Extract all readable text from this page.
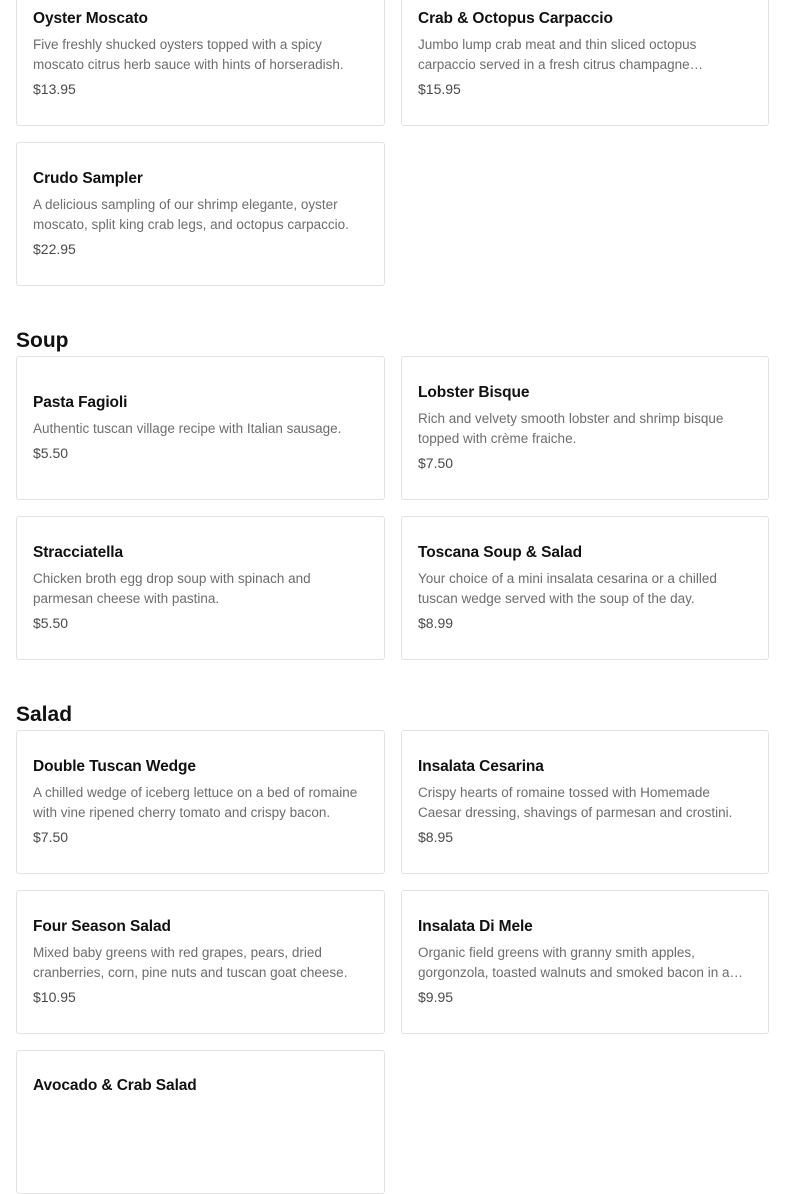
Oyster Moscato
Five freshly shucked oysters topped with a spicy moscato citrus herb sauce with hints of horseradish.
$13.95
Crab & Octopus Carpaccio
Jumbo lump crab meat and thin sliced octopus carpaccio served in a fresh citrus champagne
$15.95
Crudo Sampler
A delicious sampling of our shrimp elegante, oyster moscato, split king crab legs, and octopus carpaccio.
$22.95
Soup
Pasta Fagioli
Authentic tuscan village recipe with Italian sausage.
$5.50
Lobster Bisque
Rich and velvety smooth lobster and shrimp bisque topped with crème fraiche.
$7.50
Stracciatella
Chicken broth egg drop soup with spinach and parmesan cheese with pastina.
$5.50
Toscana Soup & Salad
Your choice of a mini insalata cesarina or a chilled tuscan wedge served with the soup of the day.
$8.99
Salad
Double Tuscan Wedge
A chilled wedge of iceberg lettuce on a bed of romaine with vine ripened cherry tomato and crispy bacon.
$7.50
Insalata Cesarina
Crispy hearts of romaine tossed with Homemade Caesar dressing, shavings of parmesan and crostini.
$8.95
Four Season Salad
Mixed baby greens with red grapes, pears, dried cranberries, corn, pine nuts and tuscan goat cheese.
$10.95
Insalata Di Mele
Organic field greens with granny smith apples, gorgonzola, toasted walnuts and smoked bacon in a
$9.95
Avocado & Crab Salad
